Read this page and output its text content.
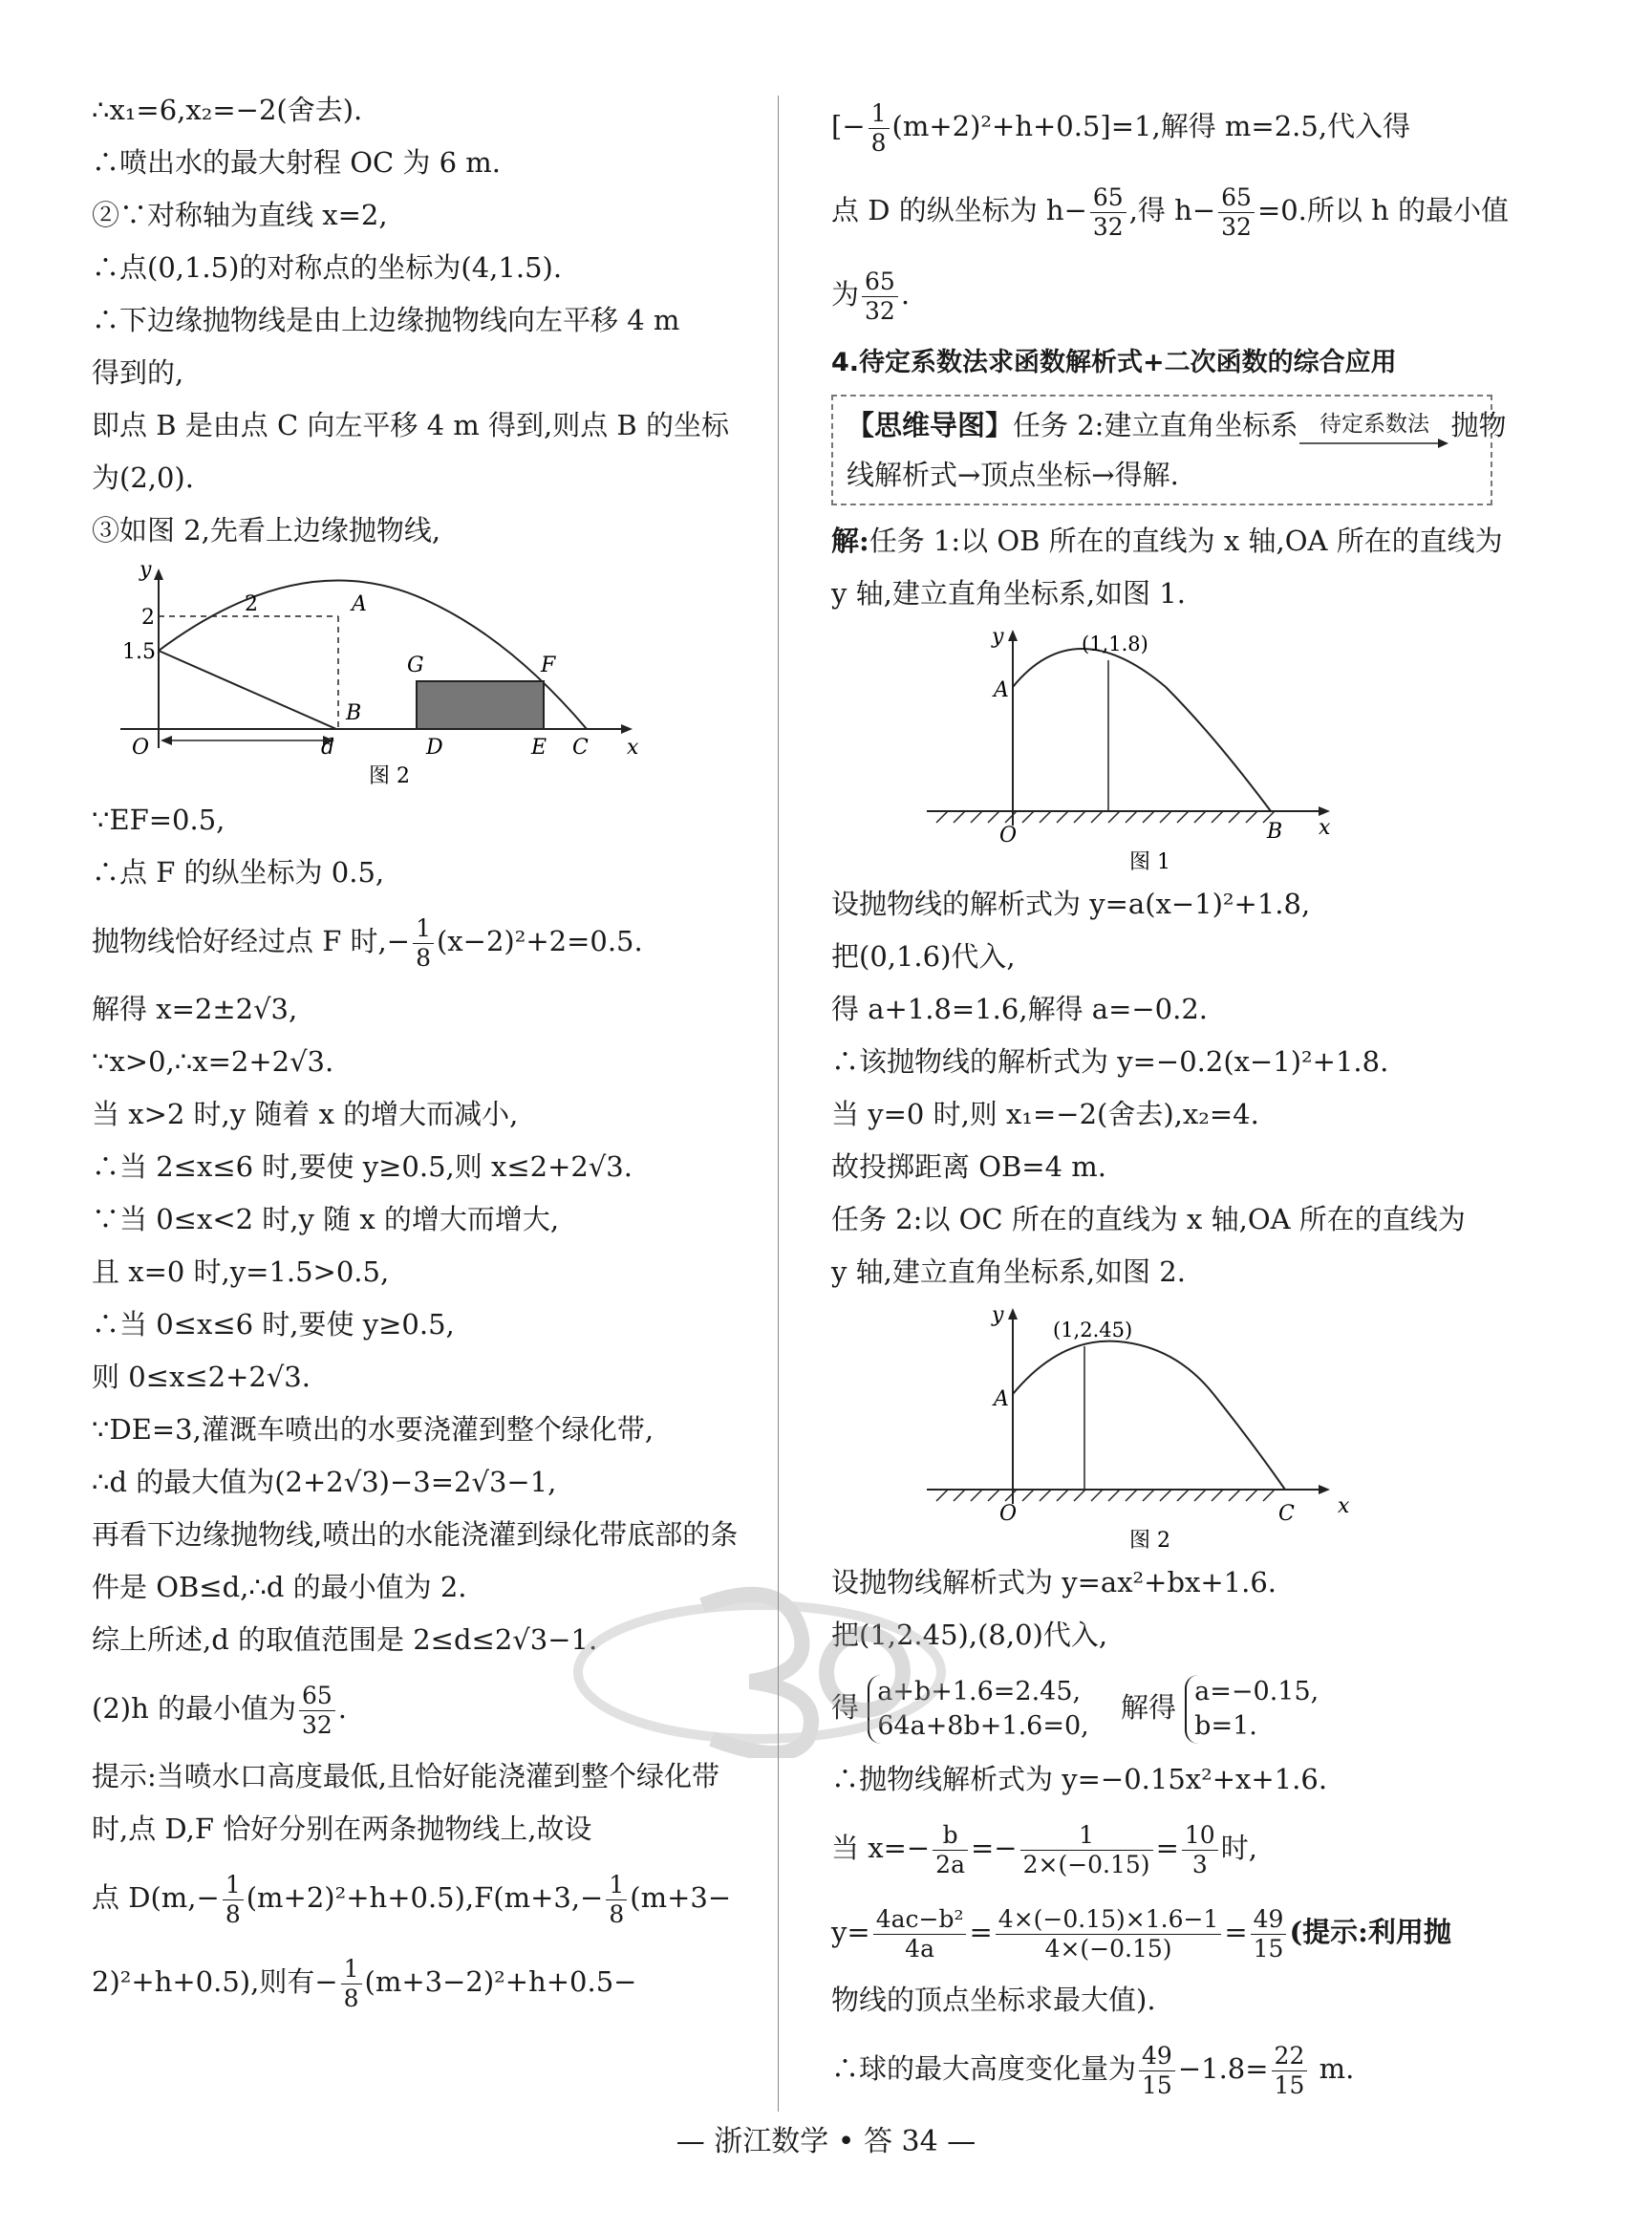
∴x₁=6,x₂=−2(舍去).
∴喷出水的最大射程 OC 为 6 m.
②∵对称轴为直线 x=2,
∴点(0,1.5)的对称点的坐标为(4,1.5).
∴下边缘抛物线是由上边缘抛物线向左平移 4 m
得到的,
即点 B 是由点 C 向左平移 4 m 得到,则点 B 的坐标
为(2,0).
③如图 2,先看上边缘抛物线,
y
2
1.5
2	A
G	F
B
O	d	D	E C x
图 2
∵EF=0.5,
∴点 F 的纵坐标为 0.5,
抛物线恰好经过点 F 时,− $\frac{1}{8} (x-2)^2+2=0.5$.
解得 x=2±2√3,
∵x>0,∴x=2+2√3.
当 x>2 时,y 随着 x 的增大而减小,
∴当 2≤x≤6 时,要使 y≥0.5,则 x≤2+2√3.
∵当 0≤x<2 时,y 随 x 的增大而增大,
且 x=0 时,y=1.5>0.5,
∴当 0≤x≤6 时,要使 y≥0.5,
则 0≤x≤2+2√3.
∵DE=3,灌溉车喷出的水要浇灌到整个绿化带,
∴d 的最大值为(2+2√3)−3=2√3−1,
再看下边缘抛物线,喷出的水能浇灌到绿化带底部的条
件是 OB≤d,∴d 的最小值为 2.
综上所述,d 的取值范围是 2≤d≤2√3−1.
(2)h 的最小值为 $\frac{65}{32}$ .
提示:当喷水口高度最低,且恰好能浇灌到整个绿化带
时,点 D,F 恰好分别在两条抛物线上,故设
点 $D(m,- \frac{1}{8} (m+2)^2+h+0.5),F(m+3,- \frac{1}{8} (m+3-$
2)²+h+0.5),则有− $\frac{1}{8} (m+3-2)^2+h+0.5-$
[− $\frac{1}{8} (m+2)^2+h+0.5]=1$,解得 m=2.5,代入得
点 D 的纵坐标为 $h- \frac{65}{32}$ ,得 $h- \frac{65}{32} =0$.所以 h 的最小值
为 $\frac{65}{32}$ .
4.待定系数法求函数解析式+二次函数的综合应用
【思维导图】任务 2:建立直角坐标系 待定系数法 抛物
线解析式→顶点坐标→得解.
解:任务 1:以 OB 所在的直线为 x 轴,OA 所在的直线为
y 轴,建立直角坐标系,如图 1.
y	(1,1.8)
A
O	B x
图 1
设抛物线的解析式为 y=a(x−1)²+1.8,
把(0,1.6)代入,
得 a+1.8=1.6,解得 a=−0.2.
∴该抛物线的解析式为 y=−0.2(x−1)²+1.8.
当 y=0 时,则 x₁=−2(舍去),x₂=4.
故投掷距离 OB=4 m.
任务 2:以 OC 所在的直线为 x 轴,OA 所在的直线为
y 轴,建立直角坐标系,如图 2.
y
(1,2.45)
A
O	C x
图 2
设抛物线解析式为 y=ax²+bx+1.6.
把(1,2.45),(8,0)代入,
得 a+b+1.6=2.45,
64a+8b+1.6=0,
解得 a=−0.15,
b=1.
∴抛物线解析式为 y=−0.15x²+x+1.6.
当 $x=- \frac{b}{2a} =- \frac{1}{2\times(-0.15)} = \frac{10}{3}$ 时,
$y= \frac{\text{4ac−b²}}{4a} = \frac{4\times(-0.15)\times 1.6-1}{4\times(-0.15)} = \frac{49}{15}$ (提示:利用抛
物线的顶点坐标求最大值).
∴球的最大高度变化量为 $\frac{49}{15} -1.8= \frac{22}{15} m$.
— 浙江数学 • 答 34 —
